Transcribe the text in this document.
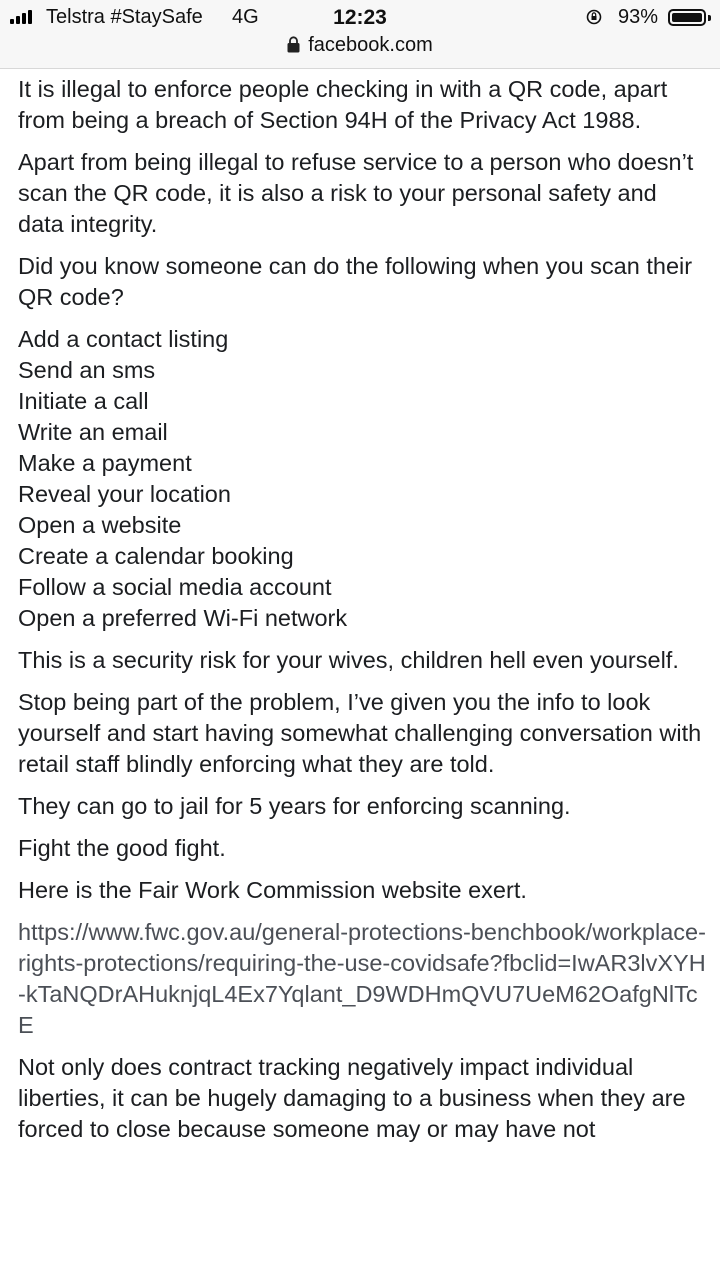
Telstra #StaySafe 4G	12:23	93%
facebook.com

It is illegal to enforce people checking in with a QR code, apart from being a breach of Section 94H of the Privacy Act 1988.

Apart from being illegal to refuse service to a person who doesn’t scan the QR code, it is also a risk to your personal safety and data integrity.

Did you know someone can do the following when you scan their QR code?

Add a contact listing
Send an sms
Initiate a call
Write an email
Make a payment
Reveal your location
Open a website
Create a calendar booking
Follow a social media account
Open a preferred Wi-Fi network

This is a security risk for your wives, children hell even yourself.

Stop being part of the problem, I’ve given you the info to look yourself and start having somewhat challenging conversation with retail staff blindly enforcing what they are told.

They can go to jail for 5 years for enforcing scanning.

Fight the good fight.

Here is the Fair Work Commission website exert.

https://www.fwc.gov.au/general-protections-benchbook/workplace-rights-protections/requiring-the-use-covidsafe?fbclid=IwAR3lvXYH-kTaNQDrAHuknjqL4Ex7Yqlant_D9WDHmQVU7UeM62OafgNlTcE

Not only does contract tracking negatively impact individual liberties, it can be hugely damaging to a business when they are forced to close because someone may or may have not
